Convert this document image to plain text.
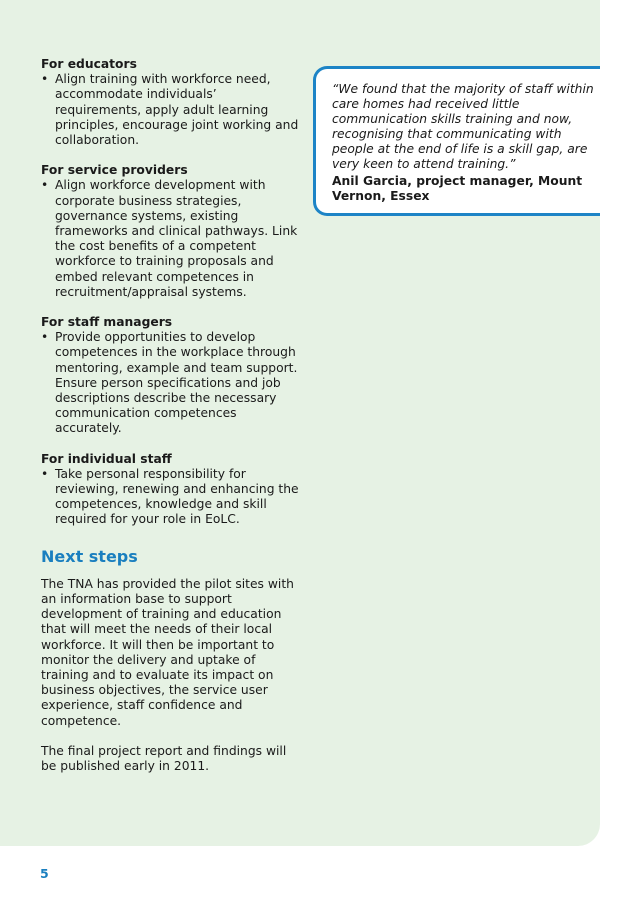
For educators
• Align training with workforce need, accommodate individuals’ requirements, apply adult learning principles, encourage joint working and collaboration.
For service providers
• Align workforce development with corporate business strategies, governance systems, existing frameworks and clinical pathways. Link the cost benefits of a competent workforce to training proposals and embed relevant competences in recruitment/appraisal systems.
For staff managers
• Provide opportunities to develop competences in the workplace through mentoring, example and team support. Ensure person specifications and job descriptions describe the necessary communication competences accurately.
For individual staff
• Take personal responsibility for reviewing, renewing and enhancing the competences, knowledge and skill required for your role in EoLC.
Next steps

The TNA has provided the pilot sites with an information base to support development of training and education that will meet the needs of their local workforce. It will then be important to monitor the delivery and uptake of training and to evaluate its impact on business objectives, the service user experience, staff confidence and competence.

The final project report and findings will be published early in 2011.

“We found that the majority of staff within care homes had received little communication skills training and now, recognising that communicating with people at the end of life is a skill gap, are very keen to attend training.”
Anil Garcia, project manager, Mount Vernon, Essex
5
